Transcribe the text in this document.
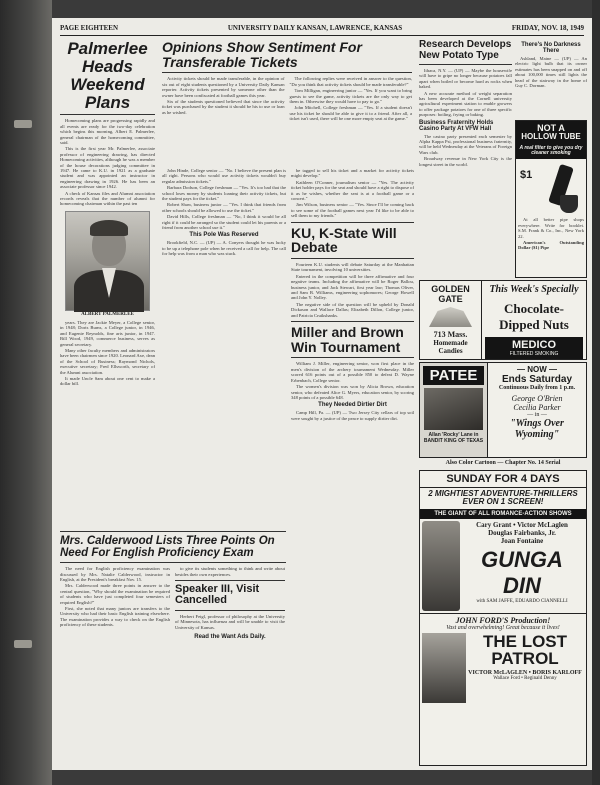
PAGE EIGHTEEN	UNIVERSITY DAILY KANSAN, LAWRENCE, KANSAS	FRIDAY, NOV. 18, 1949
Palmerlee Heads Weekend Plans

Homecoming plans are progressing rapidly and all events are ready for the two-day celebration which begins this morning, Albert E. Palmerlee, general chairman of the homecoming committee, said.

This is the first year Mr. Palmerlee, associate professor of engineering drawing, has directed Homecoming activities, although he was a member of the house decorations judging committee in 1947. He came to K.U. in 1921 as a graduate student and was appointed an instructor in engineering drawing in 1926. He has been an associate professor since 1942.

A check of Kansas files and Alumni association records reveals that the number of alumni for homecoming chairman within the past ten

ALBERT PALMERLEE

years. They are Jackie Meyer, a College senior, in 1948; Doris Burns, a College junior, in 1946, and Eugenie Reynolds, fine arts junior, in 1947. Bill Wood, 1949, commerce business, serves as general secretary.

Many other faculty members and administrators have been chairmen since 1920. Leonard Axe, dean of the School of Business; Raymond Nichols, executive secretary; Fred Ellsworth, secretary of the Alumni association.

It made Uncle Sam about one cent to make a dollar bill.

Opinions Show Sentiment For Transferable Tickets

Activity tickets should be made transferable, in the opinion of six out of eight students questioned by a University Daily Kansan reporter. Activity tickets presented by someone other than the owner have been confiscated at football games this year.

Six of the students questioned believed that since the activity ticket was purchased by the student it should be his to use or loan as he wished.

The following replies were received in answer to the question, "Do you think that activity tickets should be made transferable?"

Tom Milligan, engineering junior — "Yes. If you want to bring guests to see the game, activity tickets are the only way to get them in. Otherwise they would have to pay to go."

John Mitchell, College freshman — "Yes. If a student doesn't use his ticket he should be able to give it to a friend. After all, a ticket isn't used, there will be one more empty seat at the game."

John Hinde, College senior — "No. I believe the present plan is all right. Persons who would use activity tickets wouldn't buy regular admission tickets."

Barbara Dodson, College freshman — "Yes. It's too bad that the school loses money by students loaning their activity tickets, but the student pays for the ticket."

Robert Shaw, business junior — "Yes. I think that friends from other schools should be allowed to use the ticket."

David Hills, College freshman — "No, I think it would be all right if it could be arranged so the student could let his parents or a friend from another school use it."

This Pole Was Reserved

Brookfield, N.C. — (UP) — A. Conyers thought he was lucky to be up a telephone pole when he received a call for help. The call for help was from a man who was stuck.

be tagged to sell his ticket and a market for activity tickets might develop."

Kathleen O'Conner, journalism senior — "Yes. The activity ticket holder pays for the seat and should have a right to dispose of it as he wishes, whether the seat is at a football game or a concert."

Jim Wilson, business senior — "Yes. Since I'll be coming back to see some of the football games next year I'd like to be able to sell them to my friends."

KU, K-State Will Debate

Fourteen K.U. students will debate Saturday at the Manhattan State tournament, involving 10 universities.

Entered in the competition will be three affirmative and four negative teams. Including the affirmative will be Roger Ballou, business junior, and Jack Stewart, first year law; Thomas Oliver, and Sam B. Williams, engineering sophomores; George Howell and John Y. Nolley.

The negative side of the question will be upheld by Donald Dickason and Wallace Dallas; Elizabeth Dillon, College junior, and Patricia Cruikshanks.

Miller and Brown Win Tournament

William J. Miller, engineering senior, won first place in the men's division of the archery tournament Wednesday. Miller scored 616 points out of a possible 850 to defeat D. Wayne Erbenbach, College senior.

The women's division was won by Alicia Brown, education senior, who defeated Alice G. Myers, education senior, by scoring 348 points of a possible 648.

They Needed Dirtier Dirt

Camp Hill, Pa. — (UP) — Two Jersey City cellars of top soil were sought by a justice of the peace to supply dirtier dirt.

Mrs. Calderwood Lists Three Points On Need For English Proficiency Exam

The need for English proficiency examination was discussed by Mrs. Natalie Calderwood, instructor in English, at the President's breakfast Nov. 15.

Mrs. Calderwood made three points in answer to the central question, "Why should the examination be required of students who have just completed four semesters of required English?"

First, she noted that many juniors are transfers to the University who had their basic English training elsewhere. The examination provides a way to check on the English proficiency of these students.

to give its students something to think and write about besides their own experiences.

Speaker III, Visit Cancelled

Herbert Feigl, professor of philosophy at the University of Minnesota, has influenza and will be unable to visit the University of Kansas.

Read the Want Ads Daily.
Research Develops New Potato Type

Ithaca, N.Y. — (UP) — Maybe the housewife will have to gripe no longer because potatoes fall apart when boiled or become hard as rocks when baked.

A new accurate method of weight separation has been developed at the Cornell university agricultural experiment station to enable growers to offer package potatoes for one of three specific purposes: boiling, frying or baking.

Business Fraternity Holds Casino Party At VFW Hall

The casino party presented each semester by Alpha Kappa Psi, professional business fraternity, will be held Wednesday at the Veterans of Foreign Wars club.

Broadway revenue in New York City is the longest street in the world.

There's No Darkness There

Ashland, Maine — (UP) — An electric light bulb that its owner estimates has been snapped on and off about 100,000 times still lights the head of the stairway in the home of Guy C. Dorman.

NOT A
HOLLOW TUBE
A real filter to give you dry cleaner smoking
$1

At all better pipe shops everywhere. Write for booklet. S.M. Frank & Co., Inc., New York 22.

American's Outstanding Dollar ($1) Pipe

GOLDEN GATE
713 Mass.
Homemade Candies
This Week's Specially
Chocolate-Dipped Nuts
MEDICO
FILTERED SMOKING
PATEE
Allan 'Rocky' Lane in BANDIT KING OF TEXAS
— NOW —
Ends Saturday
Continuous Daily from 1 p.m.
George O'Brien
Cecilia Parker
— in —
"Wings Over Wyoming"
Also Color Cartoon — Chapter No. 14 Serial
SUNDAY FOR 4 DAYS
2 MIGHTIEST ADVENTURE-THRILLERS EVER ON 1 SCREEN!
THE GIANT OF ALL ROMANCE-ACTION SHOWS
Cary Grant • Victor McLaglen
Douglas Fairbanks, Jr.
Joan Fontaine
GUNGA DIN
with SAM JAFFE, EDUARDO CIANNELLI
JOHN FORD'S Production!
Vast and overwhelming! Great because it lives!
THE LOST PATROL
VICTOR McLAGLEN • BORIS KARLOFF
Wallace Ford • Reginald Denny
